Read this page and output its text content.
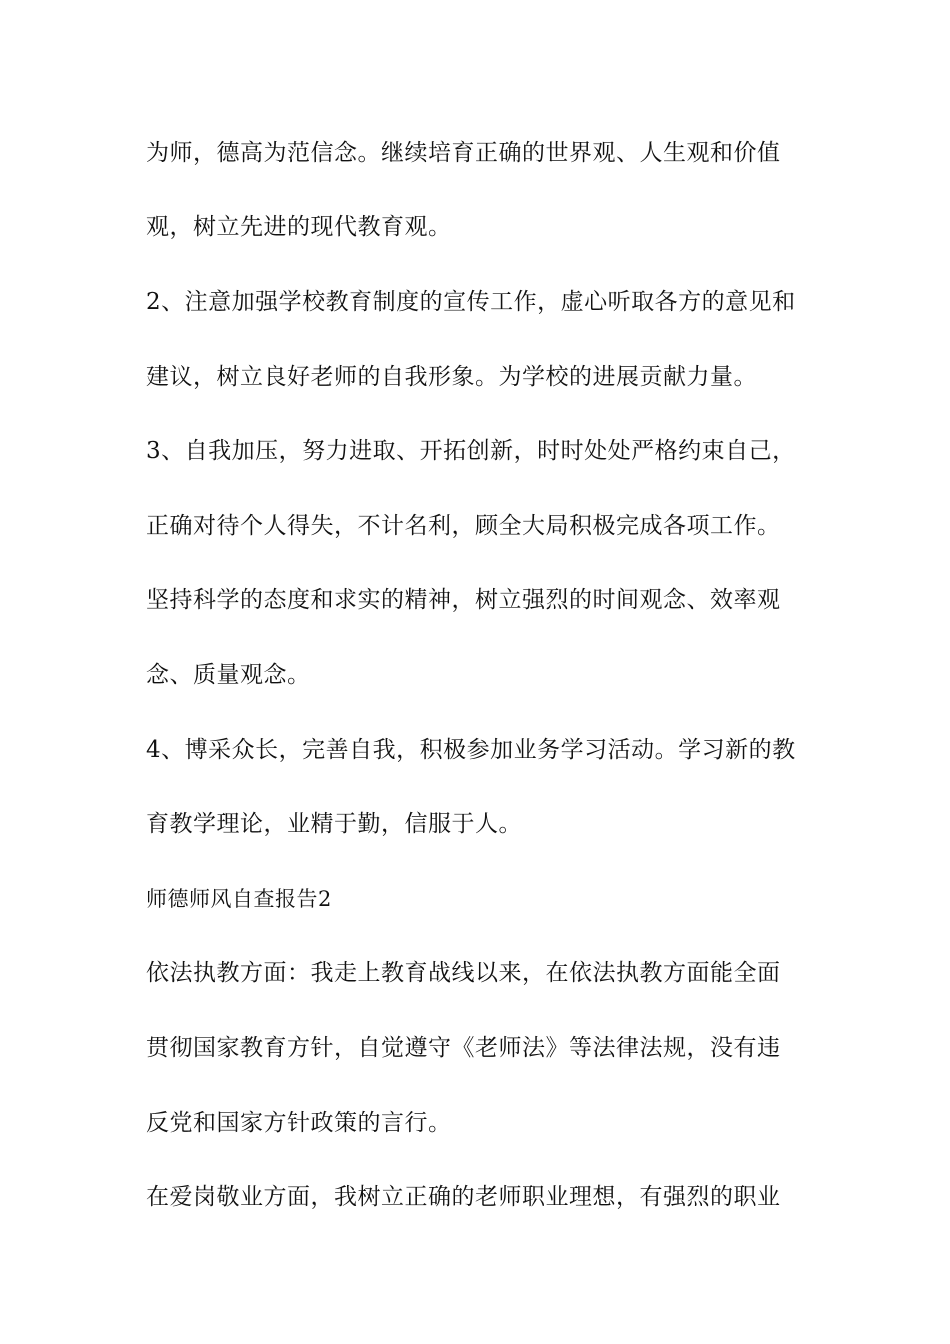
为师，德高为范信念。继续培育正确的世界观、人生观和价值
观，树立先进的现代教育观。
2、注意加强学校教育制度的宣传工作，虚心听取各方的意见和
建议，树立良好老师的自我形象。为学校的进展贡献力量。
3、自我加压，努力进取、开拓创新，时时处处严格约束自己，
正确对待个人得失，不计名利，顾全大局积极完成各项工作。
坚持科学的态度和求实的精神，树立强烈的时间观念、效率观
念、质量观念。
4、博采众长，完善自我，积极参加业务学习活动。学习新的教
育教学理论，业精于勤，信服于人。
师德师风自查报告2
依法执教方面：我走上教育战线以来，在依法执教方面能全面
贯彻国家教育方针，自觉遵守《老师法》等法律法规，没有违
反党和国家方针政策的言行。
在爱岗敬业方面，我树立正确的老师职业理想，有强烈的职业
